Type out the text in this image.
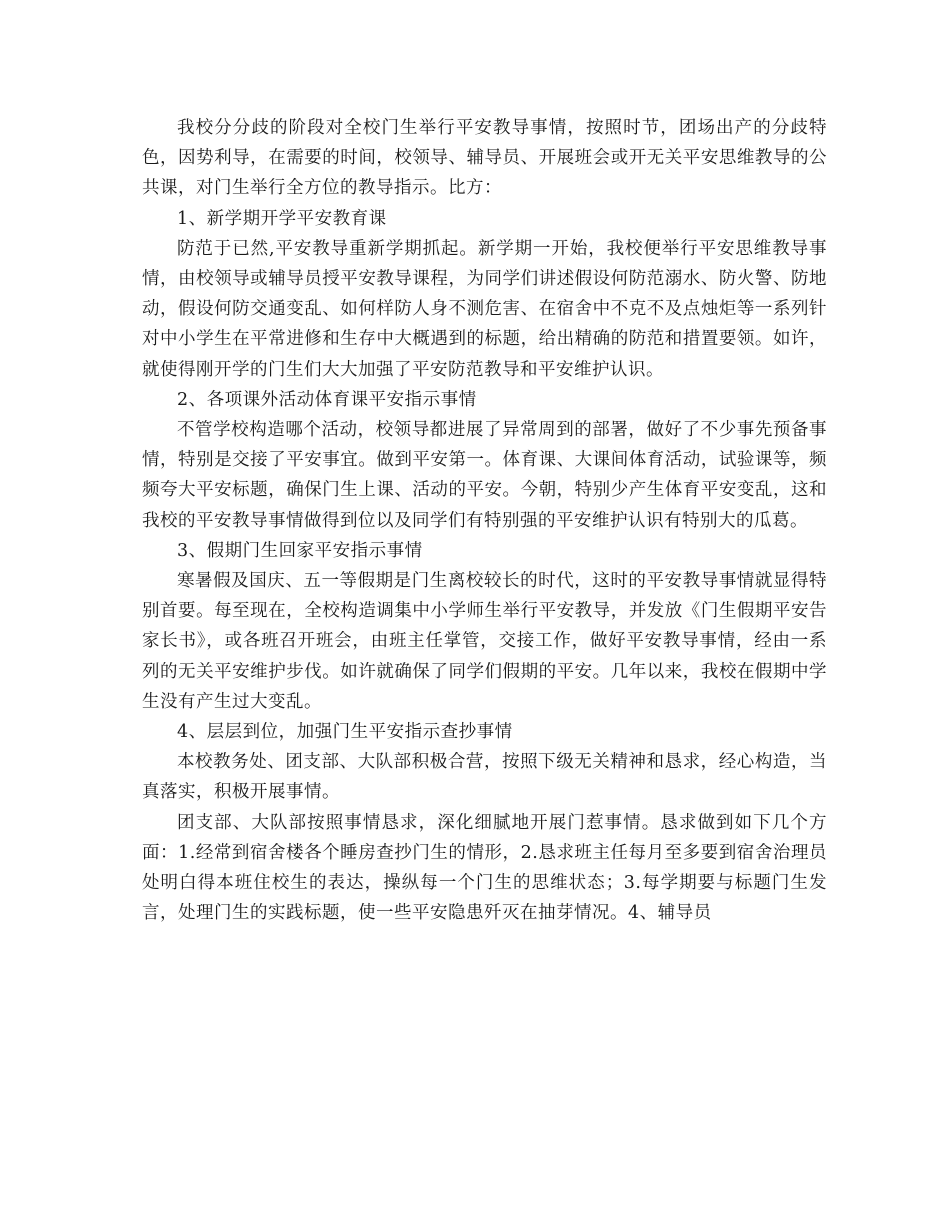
我校分分歧的阶段对全校门生举行平安教导事情，按照时节，团场出产的分歧特色，因势利导，在需要的时间，校领导、辅导员、开展班会或开无关平安思维教导的公共课，对门生举行全方位的教导指示。比方：

1、新学期开学平安教育课

防范于已然,平安教导重新学期抓起。新学期一开始，我校便举行平安思维教导事情，由校领导或辅导员授平安教导课程，为同学们讲述假设何防范溺水、防火警、防地动，假设何防交通变乱、如何样防人身不测危害、在宿舍中不克不及点烛炬等一系列针对中小学生在平常进修和生存中大概遇到的标题，给出精确的防范和措置要领。如许，就使得刚开学的门生们大大加强了平安防范教导和平安维护认识。

2、各项课外活动体育课平安指示事情

不管学校构造哪个活动，校领导都进展了异常周到的部署，做好了不少事先预备事情，特别是交接了平安事宜。做到平安第一。体育课、大课间体育活动，试验课等，频频夸大平安标题，确保门生上课、活动的平安。今朝，特别少产生体育平安变乱，这和我校的平安教导事情做得到位以及同学们有特别强的平安维护认识有特别大的瓜葛。

3、假期门生回家平安指示事情

寒暑假及国庆、五一等假期是门生离校较长的时代，这时的平安教导事情就显得特别首要。每至现在，全校构造调集中小学师生举行平安教导，并发放《门生假期平安告家长书》，或各班召开班会，由班主任掌管，交接工作，做好平安教导事情，经由一系列的无关平安维护步伐。如许就确保了同学们假期的平安。几年以来，我校在假期中学生没有产生过大变乱。

4、层层到位，加强门生平安指示查抄事情

本校教务处、团支部、大队部积极合营，按照下级无关精神和恳求，经心构造，当真落实，积极开展事情。

团支部、大队部按照事情恳求，深化细腻地开展门惹事情。恳求做到如下几个方面：1.经常到宿舍楼各个睡房查抄门生的情形，2.恳求班主任每月至多要到宿舍治理员处明白得本班住校生的表达，操纵每一个门生的思维状态；3.每学期要与标题门生发言，处理门生的实践标题，使一些平安隐患歼灭在抽芽情况。4、辅导员
